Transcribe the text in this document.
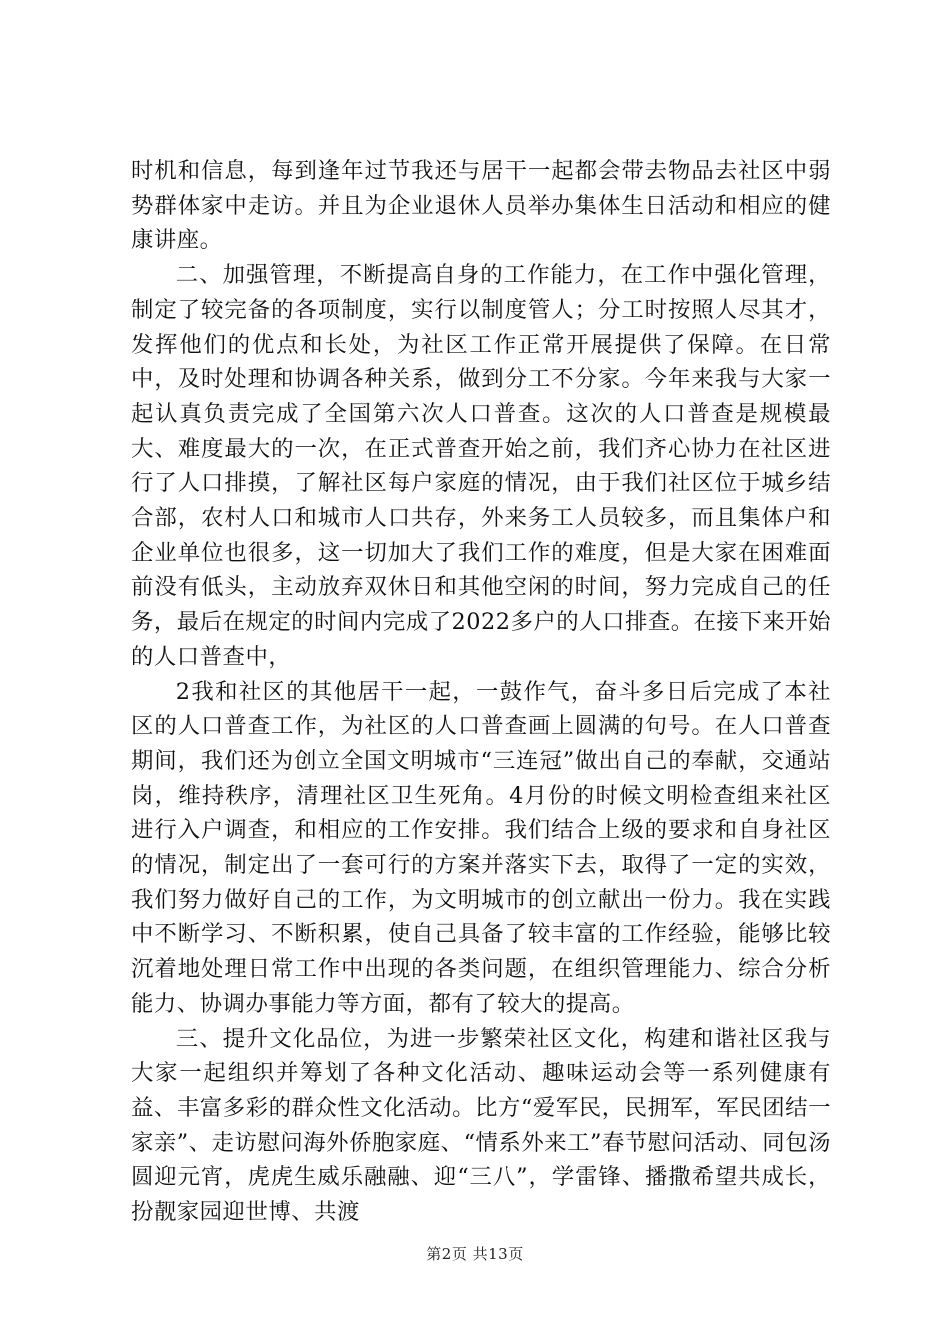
时机和信息，每到逢年过节我还与居干一起都会带去物品去社区中弱势群体家中走访。并且为企业退休人员举办集体生日活动和相应的健康讲座。

二、加强管理，不断提高自身的工作能力，在工作中强化管理，制定了较完备的各项制度，实行以制度管人；分工时按照人尽其才，发挥他们的优点和长处，为社区工作正常开展提供了保障。在日常中，及时处理和协调各种关系，做到分工不分家。今年来我与大家一起认真负责完成了全国第六次人口普查。这次的人口普查是规模最大、难度最大的一次，在正式普查开始之前，我们齐心协力在社区进行了人口排摸，了解社区每户家庭的情况，由于我们社区位于城乡结合部，农村人口和城市人口共存，外来务工人员较多，而且集体户和企业单位也很多，这一切加大了我们工作的难度，但是大家在困难面前没有低头，主动放弃双休日和其他空闲的时间，努力完成自己的任务，最后在规定的时间内完成了2022多户的人口排查。在接下来开始的人口普查中，

2我和社区的其他居干一起，一鼓作气，奋斗多日后完成了本社区的人口普查工作，为社区的人口普查画上圆满的句号。在人口普查期间，我们还为创立全国文明城市“三连冠”做出自己的奉献，交通站岗，维持秩序，清理社区卫生死角。4月份的时候文明检查组来社区进行入户调查，和相应的工作安排。我们结合上级的要求和自身社区的情况，制定出了一套可行的方案并落实下去，取得了一定的实效，我们努力做好自己的工作，为文明城市的创立献出一份力。我在实践中不断学习、不断积累，使自己具备了较丰富的工作经验，能够比较沉着地处理日常工作中出现的各类问题，在组织管理能力、综合分析能力、协调办事能力等方面，都有了较大的提高。

三、提升文化品位，为进一步繁荣社区文化，构建和谐社区我与大家一起组织并筹划了各种文化活动、趣味运动会等一系列健康有益、丰富多彩的群众性文化活动。比方“爱军民，民拥军，军民团结一家亲”、走访慰问海外侨胞家庭、“情系外来工”春节慰问活动、同包汤圆迎元宵，虎虎生威乐融融、迎“三八”，学雷锋、播撒希望共成长，扮靓家园迎世博、共渡

第2页 共13页
